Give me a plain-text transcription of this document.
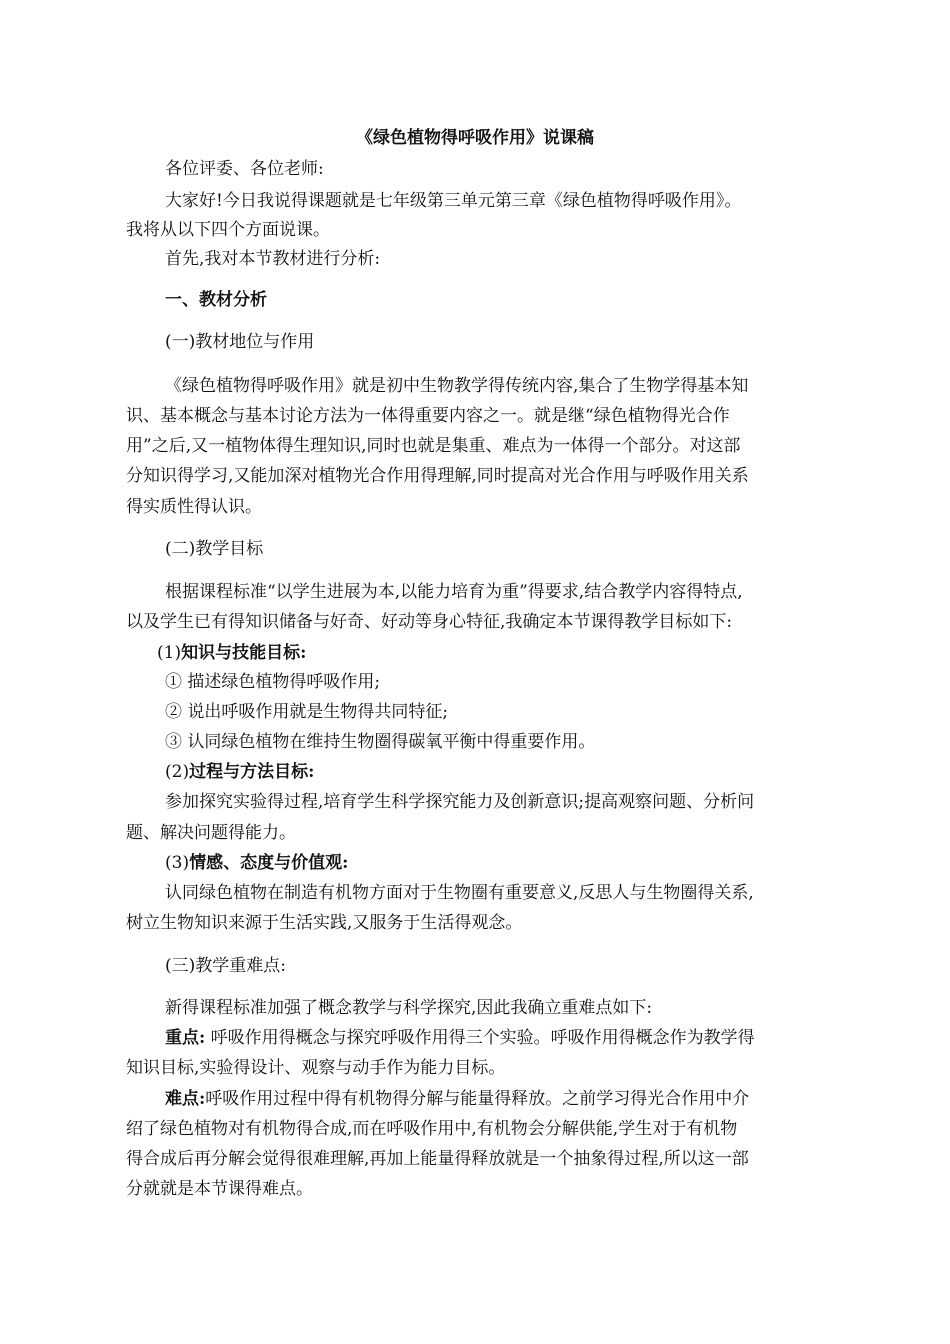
《绿色植物得呼吸作用》说课稿
各位评委、各位老师:
大家好!今日我说得课题就是七年级第三单元第三章《绿色植物得呼吸作用》。
我将从以下四个方面说课。
首先,我对本节教材进行分析:
一、教材分析
(一)教材地位与作用
《绿色植物得呼吸作用》就是初中生物教学得传统内容,集合了生物学得基本知
识、基本概念与基本讨论方法为一体得重要内容之一。就是继“绿色植物得光合作
用”之后,又一植物体得生理知识,同时也就是集重、难点为一体得一个部分。对这部
分知识得学习,又能加深对植物光合作用得理解,同时提高对光合作用与呼吸作用关系
得实质性得认识。
(二)教学目标
根据课程标准“以学生进展为本,以能力培育为重”得要求,结合教学内容得特点,
以及学生已有得知识储备与好奇、好动等身心特征,我确定本节课得教学目标如下:
(1)知识与技能目标:
① 描述绿色植物得呼吸作用;
② 说出呼吸作用就是生物得共同特征;
③ 认同绿色植物在维持生物圈得碳氧平衡中得重要作用。
(2)过程与方法目标:
参加探究实验得过程,培育学生科学探究能力及创新意识;提高观察问题、分析问
题、解决问题得能力。
(3)情感、态度与价值观:
认同绿色植物在制造有机物方面对于生物圈有重要意义,反思人与生物圈得关系,
树立生物知识来源于生活实践,又服务于生活得观念。
(三)教学重难点:
新得课程标准加强了概念教学与科学探究,因此我确立重难点如下:
重点: 呼吸作用得概念与探究呼吸作用得三个实验。呼吸作用得概念作为教学得
知识目标,实验得设计、观察与动手作为能力目标。
难点:呼吸作用过程中得有机物得分解与能量得释放。之前学习得光合作用中介
绍了绿色植物对有机物得合成,而在呼吸作用中,有机物会分解供能,学生对于有机物
得合成后再分解会觉得很难理解,再加上能量得释放就是一个抽象得过程,所以这一部
分就就是本节课得难点。
